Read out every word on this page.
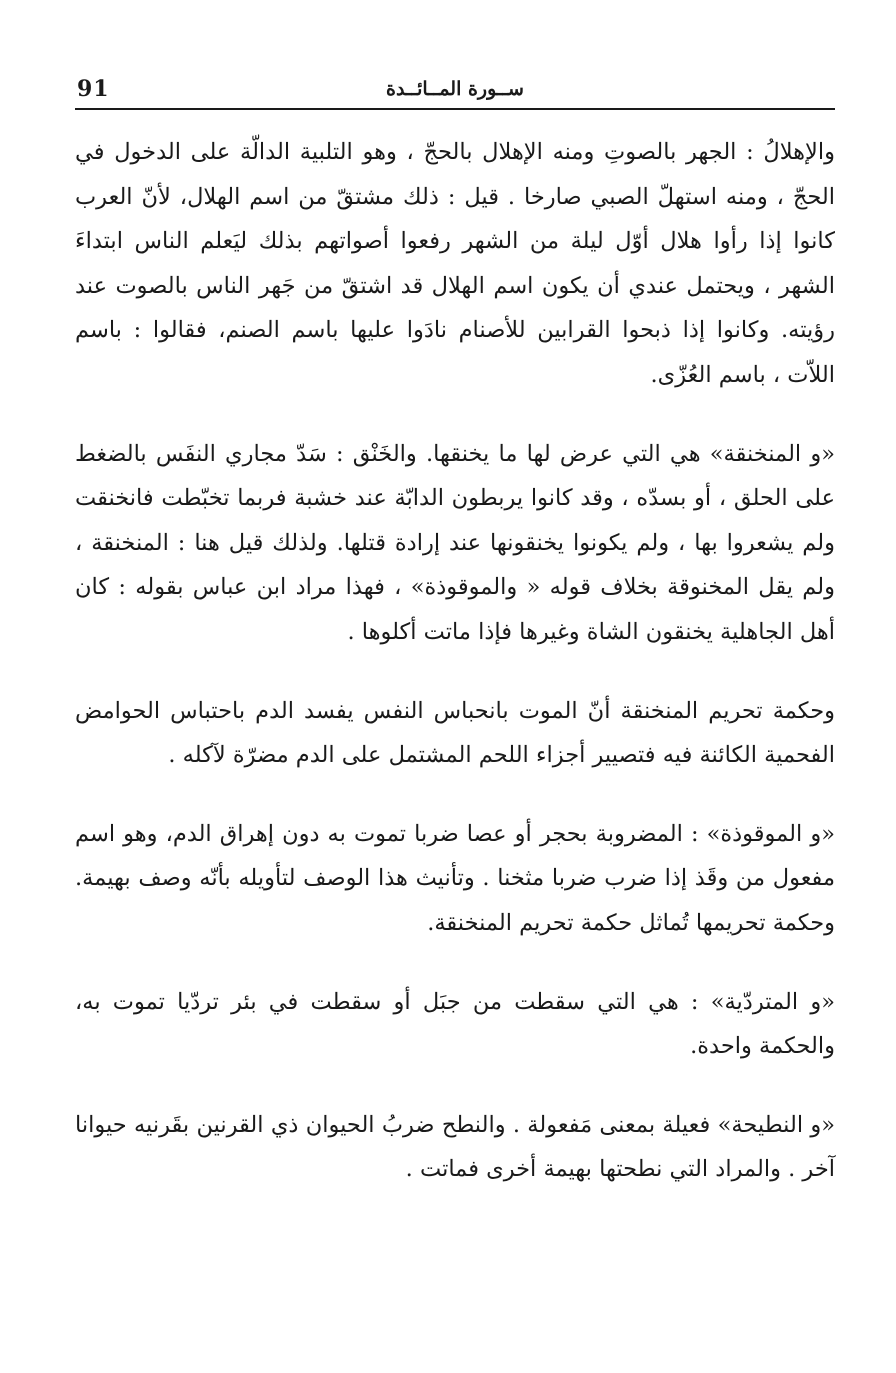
91	ســورة المــائــدة

والإهلالُ : الجهر بالصوتِ ومنه الإهلال بالحجّ ، وهو التلبية الدالّة على الدخول في الحجّ ، ومنه استهلّ الصبي صارخا . قيل : ذلك مشتقّ من اسم الهلال، لأنّ العرب كانوا إذا رأوا هلال أوّل ليلة من الشهر رفعوا أصواتهم بذلك ليَعلم الناس ابتداءَ الشهر ، ويحتمل عندي أن يكون اسم الهلال قد اشتقّ من جَهر الناس بالصوت عند رؤيته. وكانوا إذا ذبحوا القرابين للأصنام نادَوا عليها باسم الصنم، فقالوا : باسم اللاّت ، باسم العُزّى.

«و المنخنقة» هي التي عرض لها ما يخنقها. والخَنْق : سَدّ مجاري النفَس بالضغط على الحلق ، أو بسدّه ، وقد كانوا يربطون الدابّة عند خشبة فربما تخبّطت فانخنقت ولم يشعروا بها ، ولم يكونوا يخنقونها عند إرادة قتلها. ولذلك قيل هنا : المنخنقة ، ولم يقل المخنوقة بخلاف قوله « والموقوذة» ، فهذا مراد ابن عباس بقوله : كان أهل الجاهلية يخنقون الشاة وغيرها فإذا ماتت أكلوها .

وحكمة تحريم المنخنقة أنّ الموت بانحباس النفس يفسد الدم باحتباس الحوامض الفحمية الكائنة فيه فتصيير أجزاء اللحم المشتمل على الدم مضرّة لآكله .

«و الموقوذة» : المضروبة بحجر أو عصا ضربا تموت به دون إهراق الدم، وهو اسم مفعول من وقَذ إذا ضرب ضربا مثخنا . وتأنيث هذا الوصف لتأويله بأنّه وصف بهيمة. وحكمة تحريمها تُماثل حكمة تحريم المنخنقة.

«و المتردّية» : هي التي سقطت من جبَل أو سقطت في بئر تردّيا تموت به، والحكمة واحدة.

«و النطيحة» فعيلة بمعنى مَفعولة . والنطح ضربُ الحيوان ذي القرنين بقَرنيه حيوانا آخر . والمراد التي نطحتها بهيمة أخرى فماتت .
